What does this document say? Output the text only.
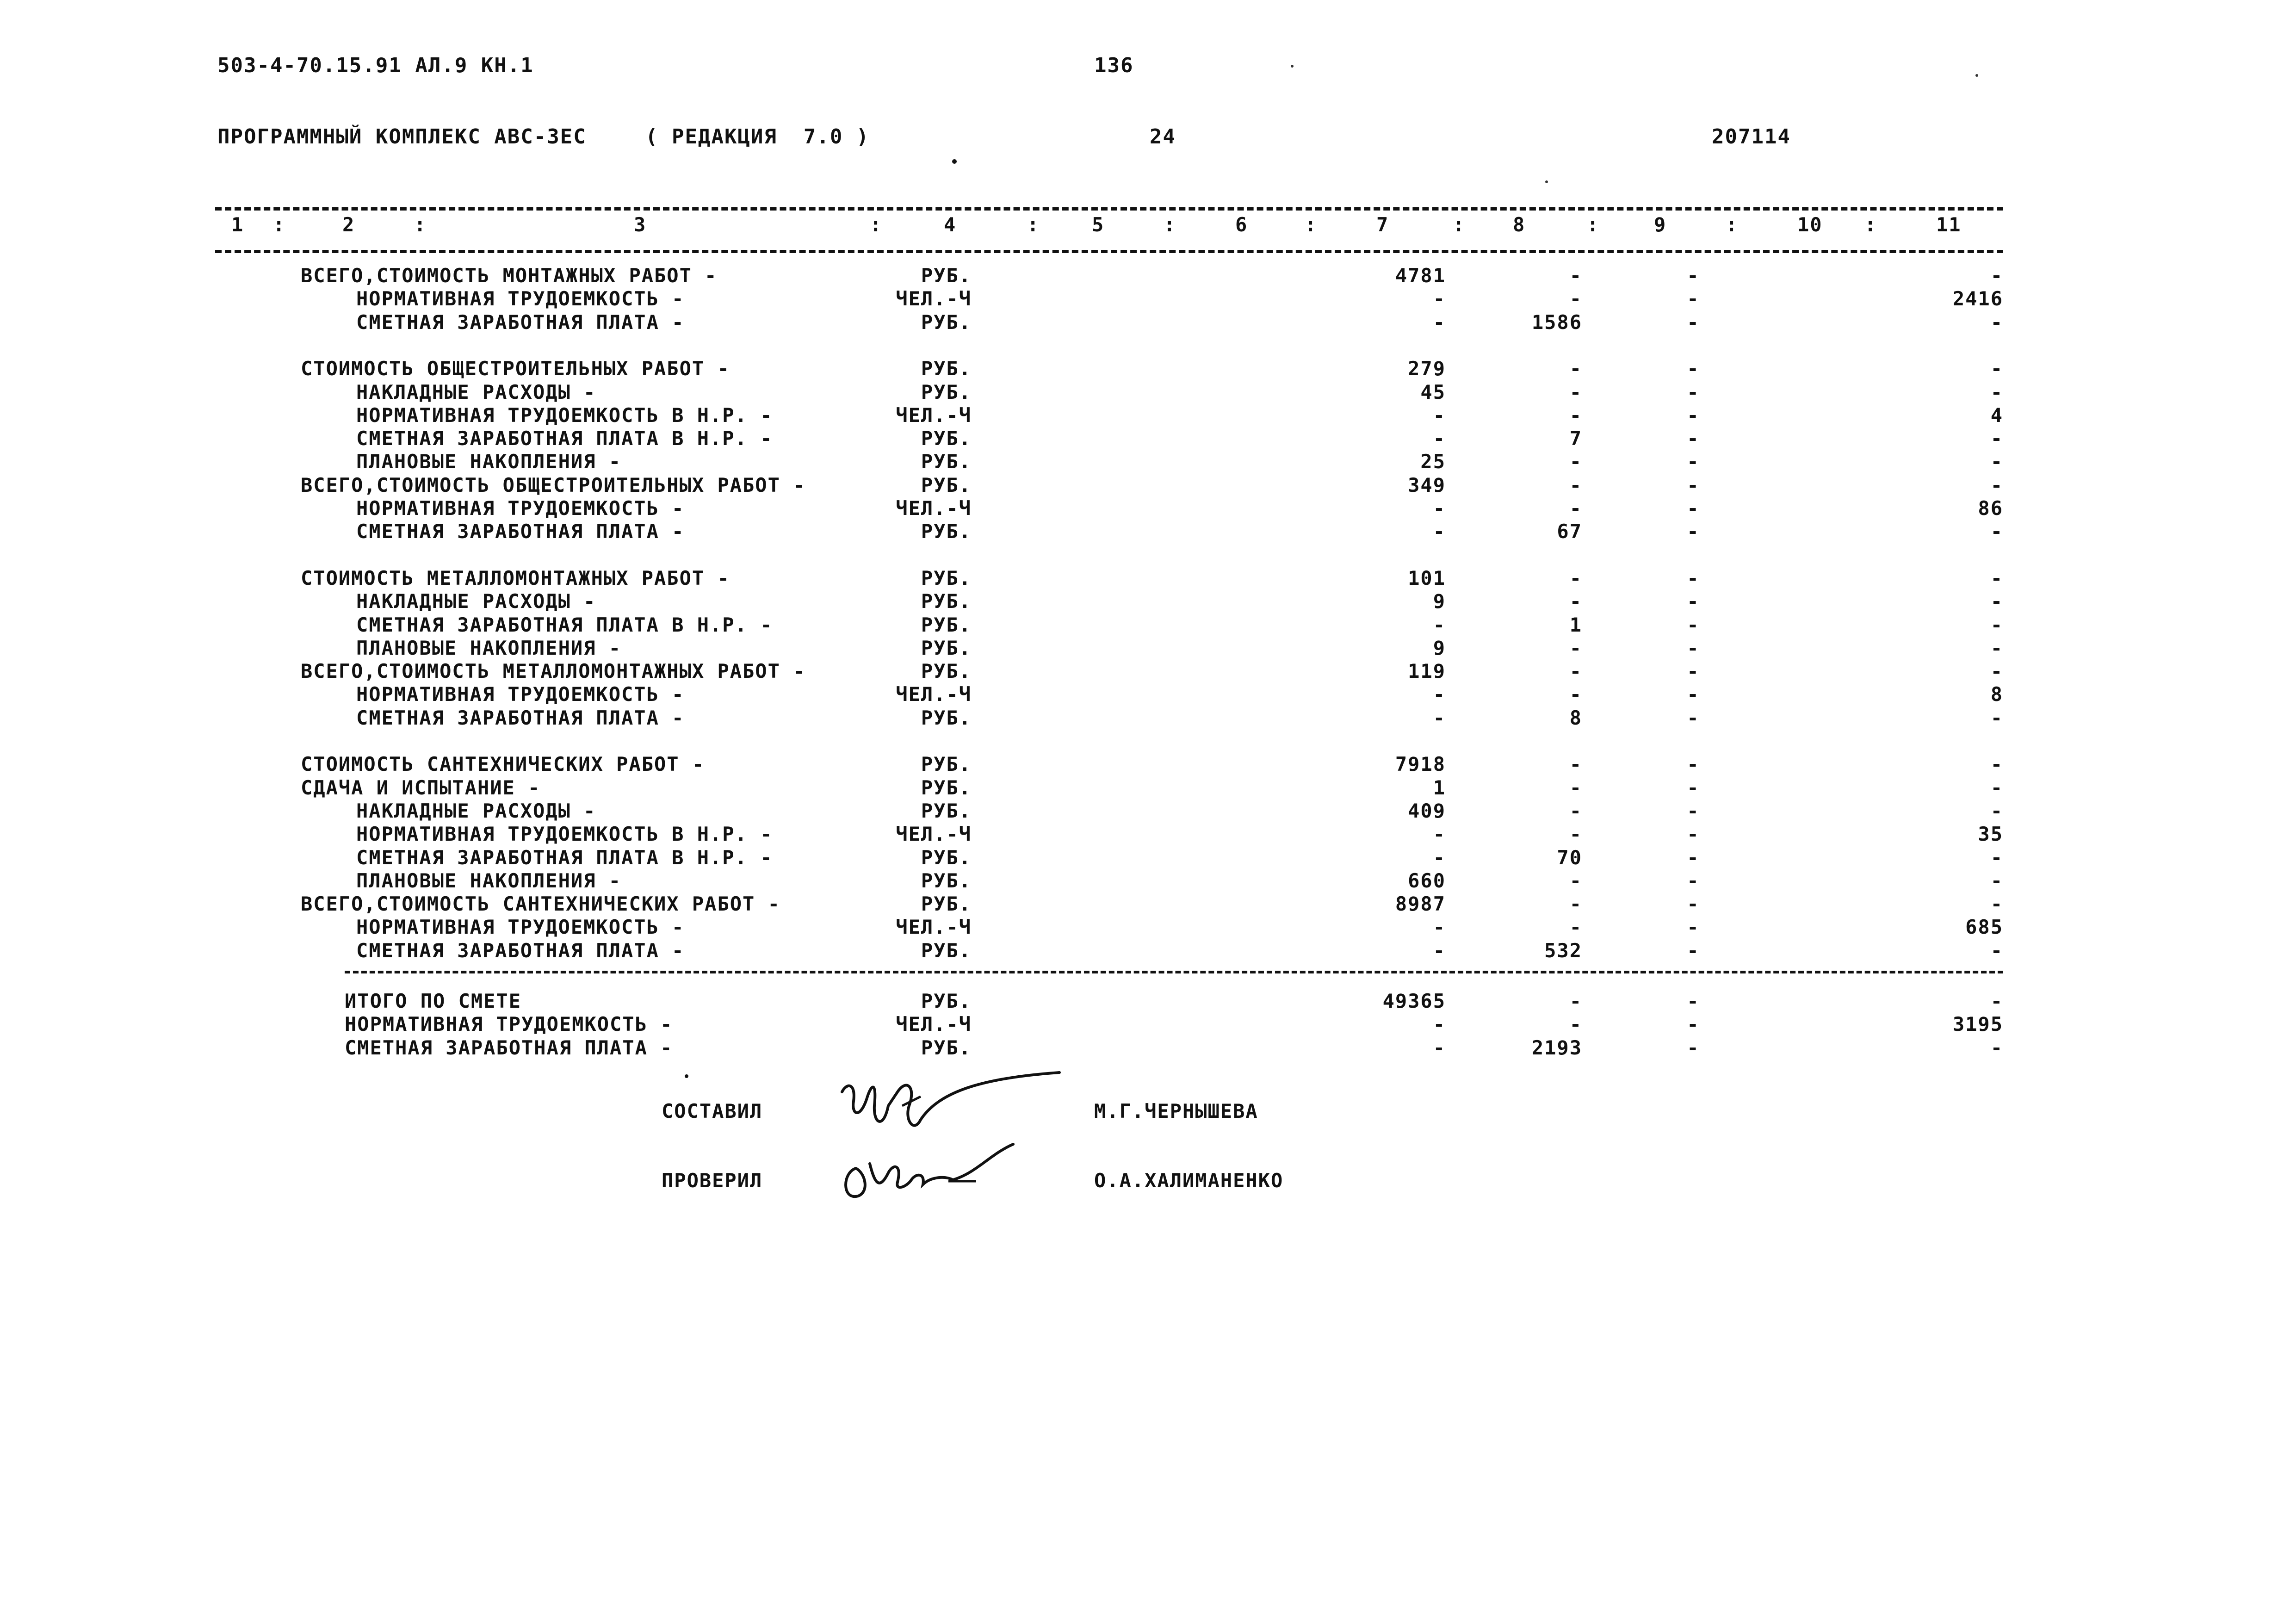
503-4-70.15.91 АЛ.9 КН.1	136
ПРОГРАММНЫЙ КОМПЛЕКС АВС-3ЕС	( РЕДАКЦИЯ  7.0 )	24	207114
1 :	2	:	3	:	4	:	5	:	6	:	7	: 8	:	9	:	10 :	11
ВСЕГО,СТОИМОСТЬ МОНТАЖНЫХ РАБОТ -	РУБ.	4781	-	-	-
НОРМАТИВНАЯ ТРУДОЕМКОСТЬ -	ЧЕЛ.-Ч	-	-	-	2416
СМЕТНАЯ ЗАРАБОТНАЯ ПЛАТА -	РУБ.	-	1586	-	-
СТОИМОСТЬ ОБЩЕСТРОИТЕЛЬНЫХ РАБОТ -	РУБ.	279	-	-	-
НАКЛАДНЫЕ РАСХОДЫ -	РУБ.	45	-	-	-
НОРМАТИВНАЯ ТРУДОЕМКОСТЬ В Н.Р. -	ЧЕЛ.-Ч	-	-	-	4
СМЕТНАЯ ЗАРАБОТНАЯ ПЛАТА В Н.Р. -	РУБ.	-	7	-	-
ПЛАНОВЫЕ НАКОПЛЕНИЯ -	РУБ.	25	-	-	-
ВСЕГО,СТОИМОСТЬ ОБЩЕСТРОИТЕЛЬНЫХ РАБОТ -	РУБ.	349	-	-	-
НОРМАТИВНАЯ ТРУДОЕМКОСТЬ -	ЧЕЛ.-Ч	-	-	-	86
СМЕТНАЯ ЗАРАБОТНАЯ ПЛАТА -	РУБ.	-	67	-	-
СТОИМОСТЬ МЕТАЛЛОМОНТАЖНЫХ РАБОТ -	РУБ.	101	-	-	-
НАКЛАДНЫЕ РАСХОДЫ -	РУБ.	9	-	-	-
СМЕТНАЯ ЗАРАБОТНАЯ ПЛАТА В Н.Р. -	РУБ.	-	1	-	-
ПЛАНОВЫЕ НАКОПЛЕНИЯ -	РУБ.	9	-	-	-
ВСЕГО,СТОИМОСТЬ МЕТАЛЛОМОНТАЖНЫХ РАБОТ -	РУБ.	119	-	-	-
НОРМАТИВНАЯ ТРУДОЕМКОСТЬ -	ЧЕЛ.-Ч	-	-	-	8
СМЕТНАЯ ЗАРАБОТНАЯ ПЛАТА -	РУБ.	-	8	-	-
СТОИМОСТЬ САНТЕХНИЧЕСКИХ РАБОТ -	РУБ.	7918	-	-	-
СДАЧА И ИСПЫТАНИЕ -	РУБ.	1	-	-	-
НАКЛАДНЫЕ РАСХОДЫ -	РУБ.	409	-	-	-
НОРМАТИВНАЯ ТРУДОЕМКОСТЬ В Н.Р. -	ЧЕЛ.-Ч	-	-	-	35
СМЕТНАЯ ЗАРАБОТНАЯ ПЛАТА В Н.Р. -	РУБ.	-	70	-	-
ПЛАНОВЫЕ НАКОПЛЕНИЯ -	РУБ.	660	-	-	-
ВСЕГО,СТОИМОСТЬ САНТЕХНИЧЕСКИХ РАБОТ -	РУБ.	8987	-	-	-
НОРМАТИВНАЯ ТРУДОЕМКОСТЬ -	ЧЕЛ.-Ч	-	-	-	685
СМЕТНАЯ ЗАРАБОТНАЯ ПЛАТА -	РУБ.	-	532	-	-
ИТОГО ПО СМЕТЕ	РУБ.	49365	-	-	-
НОРМАТИВНАЯ ТРУДОЕМКОСТЬ -	ЧЕЛ.-Ч	-	-	-	3195
СМЕТНАЯ ЗАРАБОТНАЯ ПЛАТА -	РУБ.	-	2193	-	-
СОСТАВИЛ	М.Г.ЧЕРНЫШЕВА
ПРОВЕРИЛ	О.А.ХАЛИМАНЕНКО
